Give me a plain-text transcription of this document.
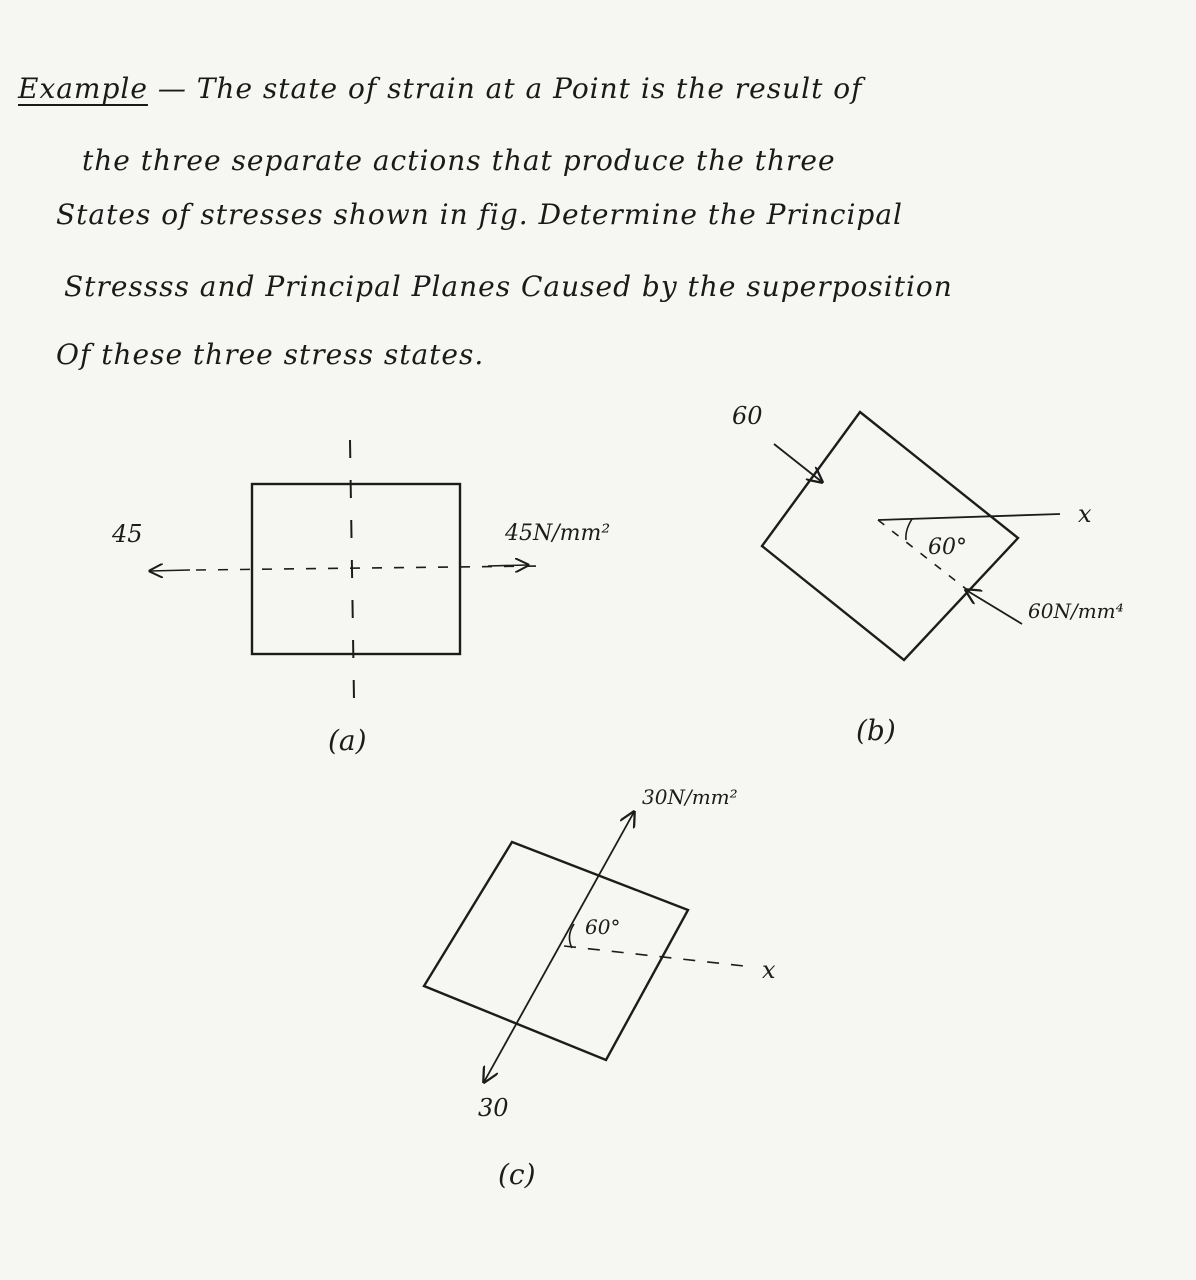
Example — The state of strain at a Point is the result of
the three separate actions that produce the three
States of stresses shown in fig. Determine the Principal
Stressss and Principal Planes Caused by the superposition
Of these three stress states.
45	45N/mm²
(a)
60
60°
x
60N/mm⁴
(b)
60°
30N/mm²
x
30
(c)
